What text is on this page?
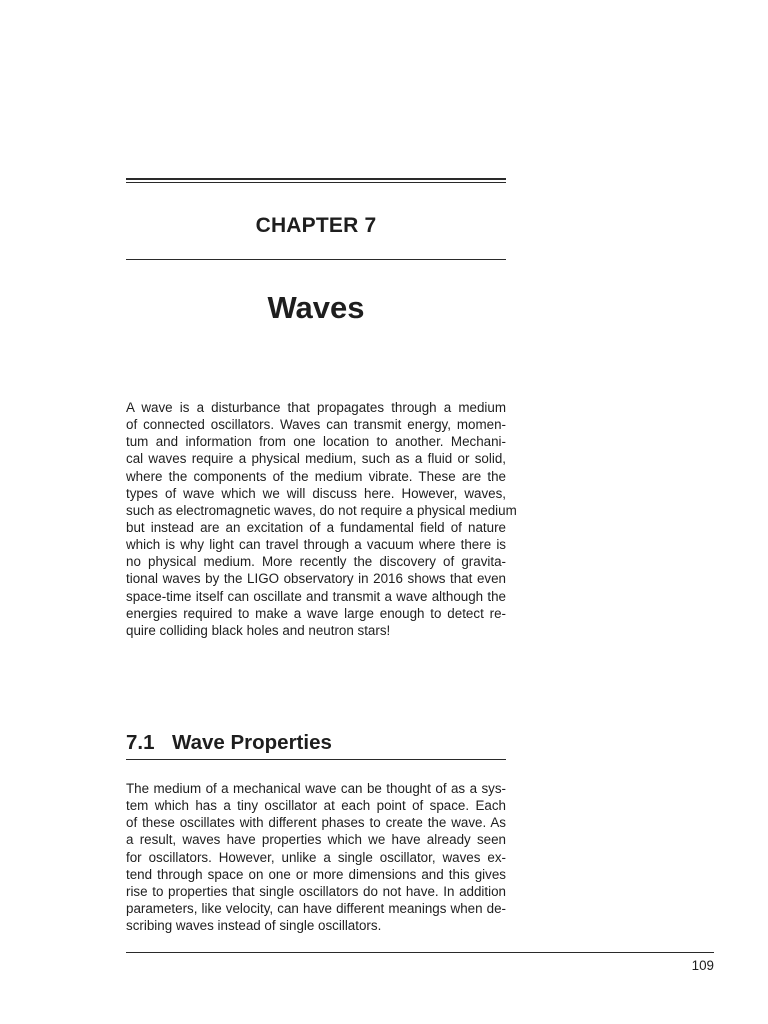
CHAPTER 7
Waves

A wave is a disturbance that propagates through a medium
of connected oscillators. Waves can transmit energy, momen-
tum and information from one location to another. Mechani-
cal waves require a physical medium, such as a fluid or solid,
where the components of the medium vibrate. These are the
types of wave which we will discuss here. However, waves,
such as electromagnetic waves, do not require a physical medium
but instead are an excitation of a fundamental field of nature
which is why light can travel through a vacuum where there is
no physical medium. More recently the discovery of gravita-
tional waves by the LIGO observatory in 2016 shows that even
space-time itself can oscillate and transmit a wave although the
energies required to make a wave large enough to detect re-
quire colliding black holes and neutron stars!

7.1 Wave Properties

The medium of a mechanical wave can be thought of as a sys-
tem which has a tiny oscillator at each point of space. Each
of these oscillates with different phases to create the wave. As
a result, waves have properties which we have already seen
for oscillators. However, unlike a single oscillator, waves ex-
tend through space on one or more dimensions and this gives
rise to properties that single oscillators do not have. In addition
parameters, like velocity, can have different meanings when de-
scribing waves instead of single oscillators.

109
